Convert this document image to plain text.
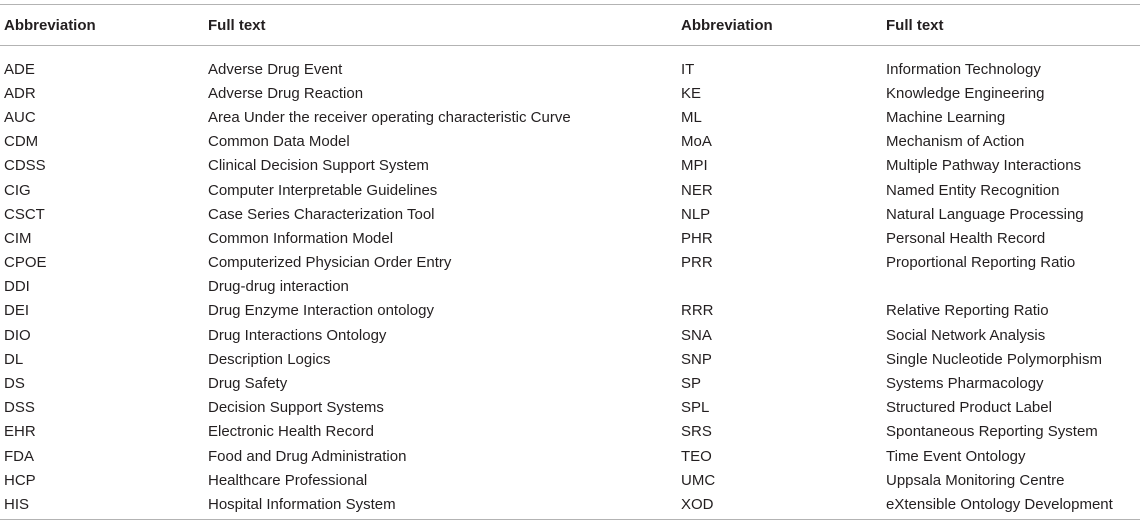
Abbreviation	Full text	Abbreviation	Full text
ADE	Adverse Drug Event	IT	Information Technology
ADR	Adverse Drug Reaction	KE	Knowledge Engineering
AUC	Area Under the receiver operating characteristic Curve	ML	Machine Learning
CDM	Common Data Model	MoA	Mechanism of Action
CDSS	Clinical Decision Support System	MPI	Multiple Pathway Interactions
CIG	Computer Interpretable Guidelines	NER	Named Entity Recognition
CSCT	Case Series Characterization Tool	NLP	Natural Language Processing
CIM	Common Information Model	PHR	Personal Health Record
CPOE	Computerized Physician Order Entry	PRR	Proportional Reporting Ratio
DDI	Drug-drug interaction
DEI	Drug Enzyme Interaction ontology	RRR	Relative Reporting Ratio
DIO	Drug Interactions Ontology	SNA	Social Network Analysis
DL	Description Logics	SNP	Single Nucleotide Polymorphism
DS	Drug Safety	SP	Systems Pharmacology
DSS	Decision Support Systems	SPL	Structured Product Label
EHR	Electronic Health Record	SRS	Spontaneous Reporting System
FDA	Food and Drug Administration	TEO	Time Event Ontology
HCP	Healthcare Professional	UMC	Uppsala Monitoring Centre
HIS	Hospital Information System	XOD	eXtensible Ontology Development
